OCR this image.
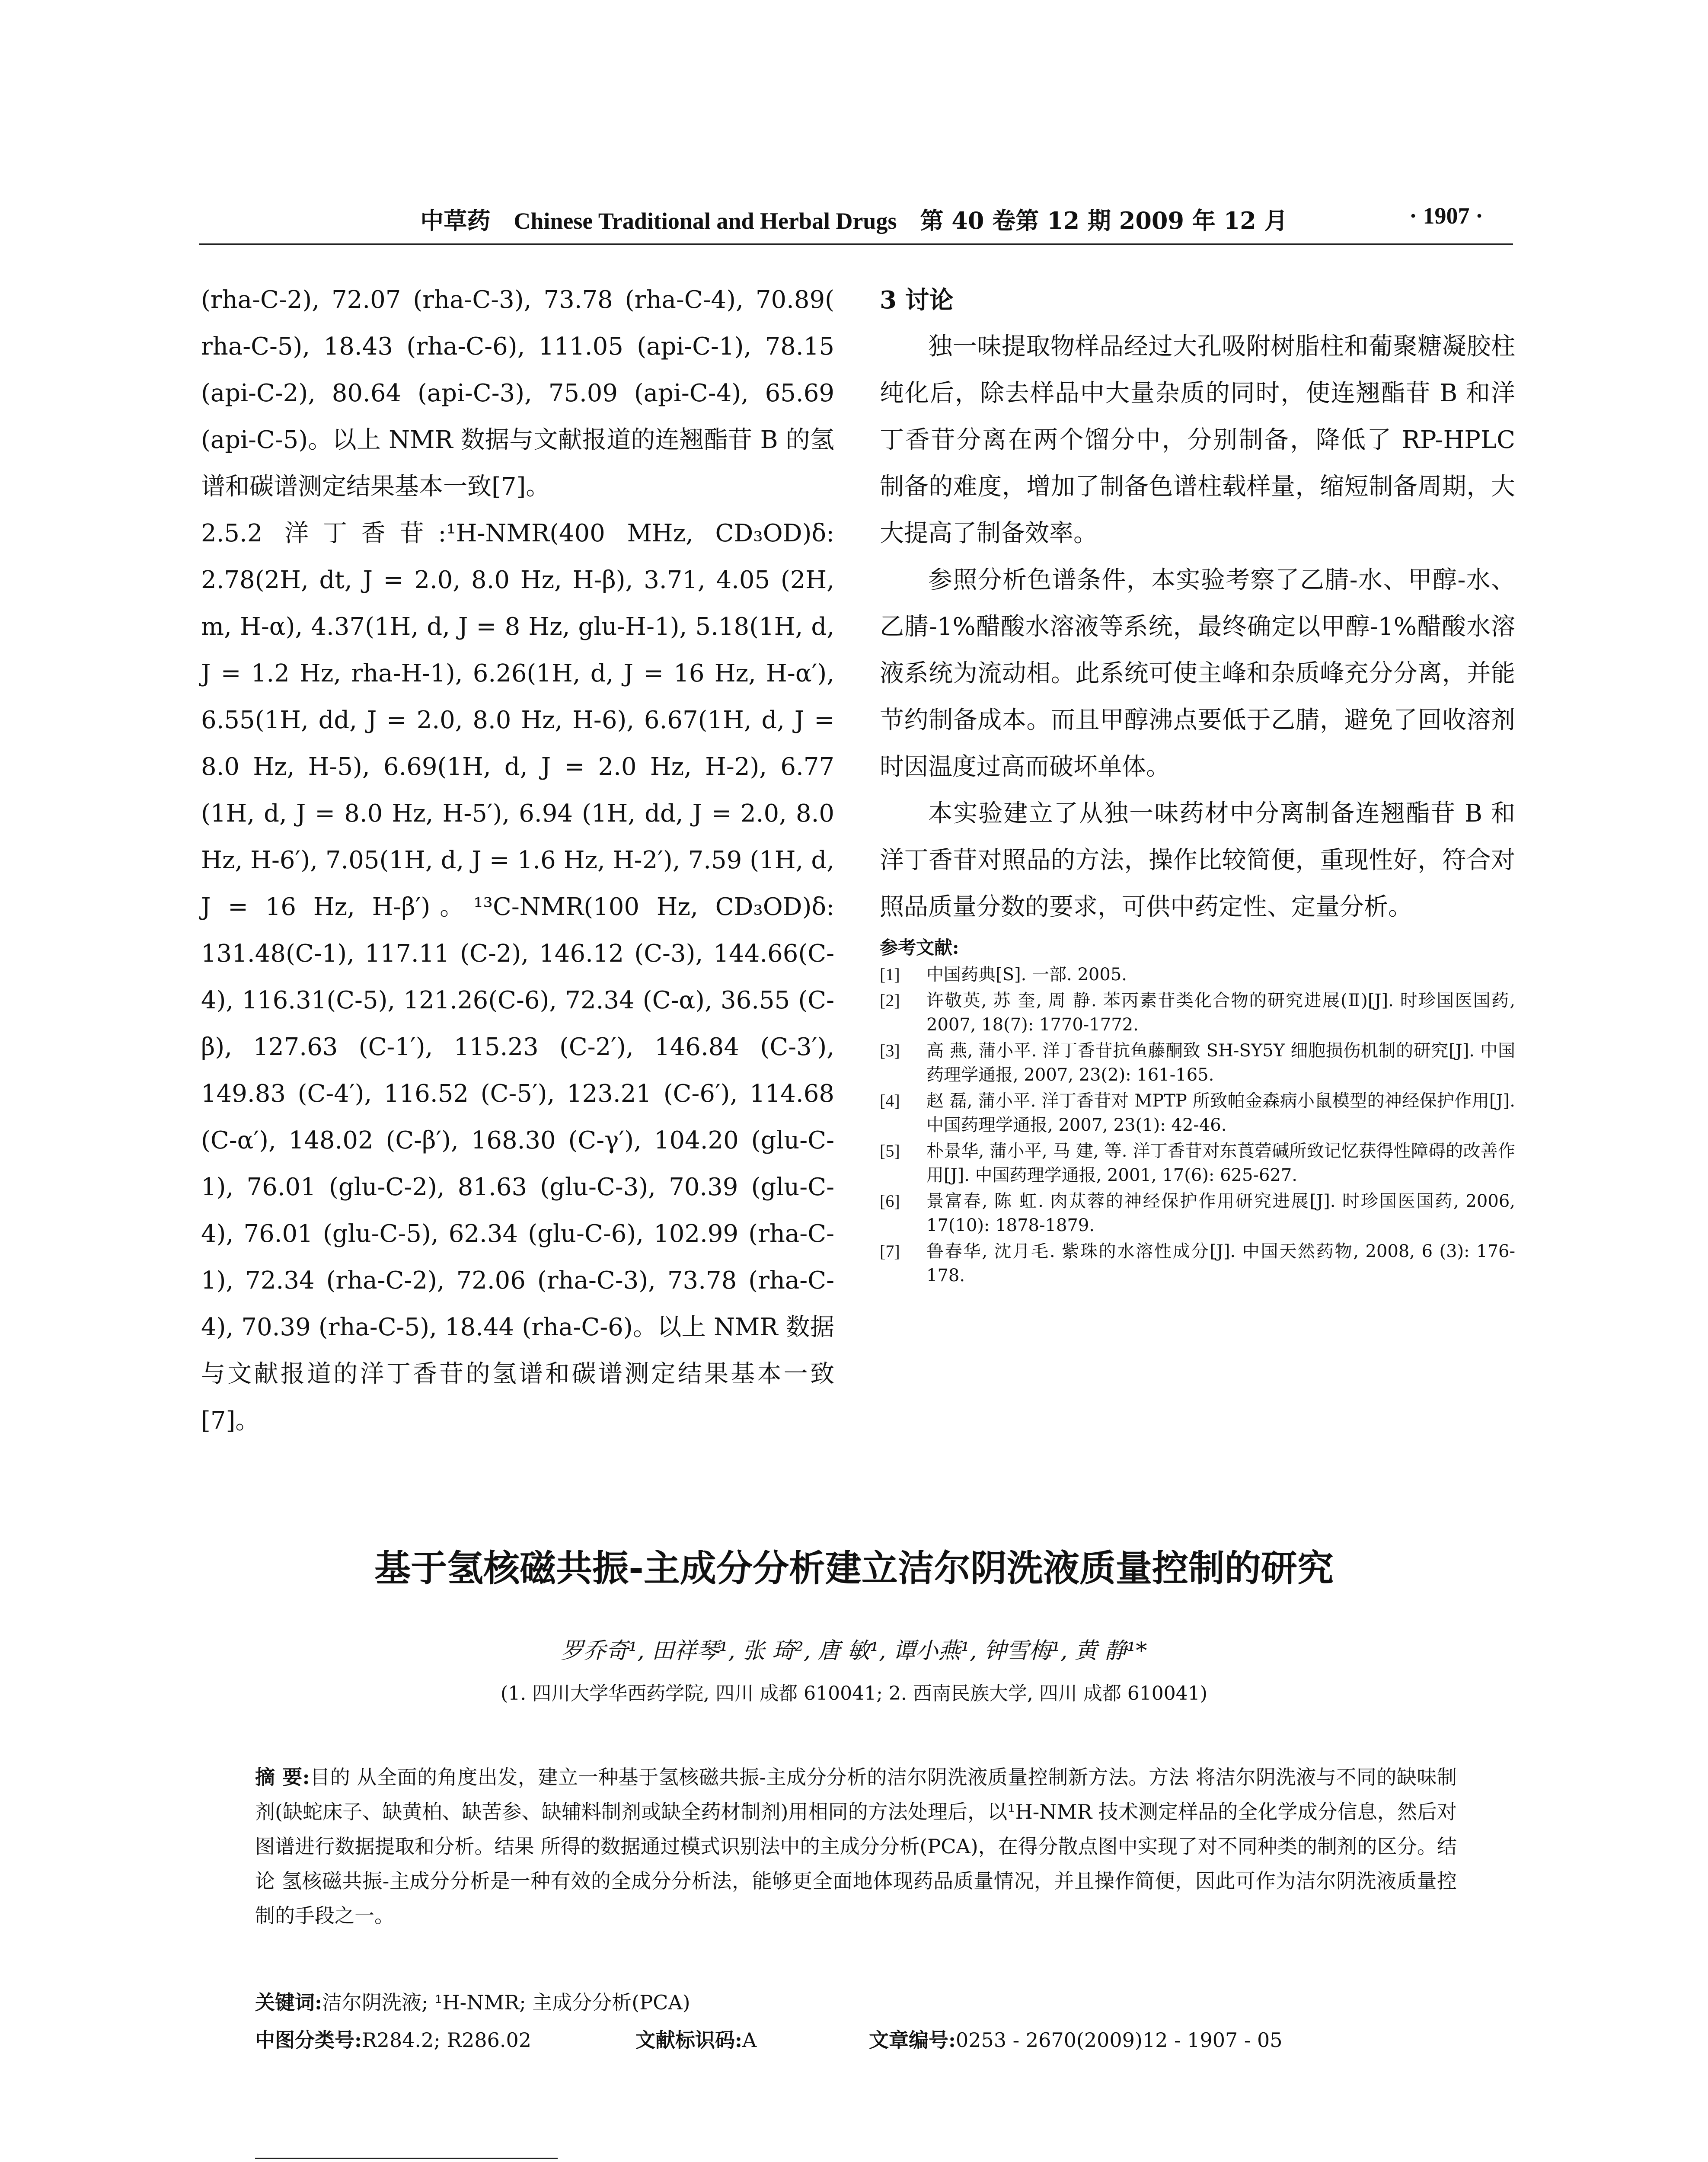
中草药 Chinese Traditional and Herbal Drugs 第 40 卷第 12 期 2009 年 12 月	· 1907 ·

(rha-C-2), 72.07 (rha-C-3), 73.78 (rha-C-4), 70.89( rha-C-5), 18.43 (rha-C-6), 111.05 (api-C-1), 78.15 (api-C-2), 80.64 (api-C-3), 75.09 (api-C-4), 65.69 (api-C-5)。以上 NMR 数据与文献报道的连翘酯苷 B 的氢谱和碳谱测定结果基本一致[7]。

2.5.2 洋丁香苷:¹H-NMR(400 MHz, CD₃OD)δ: 2.78(2H, dt, J = 2.0, 8.0 Hz, H-β), 3.71, 4.05 (2H, m, H-α), 4.37(1H, d, J = 8 Hz, glu-H-1), 5.18(1H, d, J = 1.2 Hz, rha-H-1), 6.26(1H, d, J = 16 Hz, H-α′), 6.55(1H, dd, J = 2.0, 8.0 Hz, H-6), 6.67(1H, d, J = 8.0 Hz, H-5), 6.69(1H, d, J = 2.0 Hz, H-2), 6.77 (1H, d, J = 8.0 Hz, H-5′), 6.94 (1H, dd, J = 2.0, 8.0 Hz, H-6′), 7.05(1H, d, J = 1.6 Hz, H-2′), 7.59 (1H, d, J = 16 Hz, H-β′)。¹³C-NMR(100 Hz, CD₃OD)δ: 131.48(C-1), 117.11 (C-2), 146.12 (C-3), 144.66(C-4), 116.31(C-5), 121.26(C-6), 72.34 (C-α), 36.55 (C-β), 127.63 (C-1′), 115.23 (C-2′), 146.84 (C-3′), 149.83 (C-4′), 116.52 (C-5′), 123.21 (C-6′), 114.68 (C-α′), 148.02 (C-β′), 168.30 (C-γ′), 104.20 (glu-C-1), 76.01 (glu-C-2), 81.63 (glu-C-3), 70.39 (glu-C-4), 76.01 (glu-C-5), 62.34 (glu-C-6), 102.99 (rha-C-1), 72.34 (rha-C-2), 72.06 (rha-C-3), 73.78 (rha-C-4), 70.39 (rha-C-5), 18.44 (rha-C-6)。以上 NMR 数据与文献报道的洋丁香苷的氢谱和碳谱测定结果基本一致[7]。

3 讨论

独一味提取物样品经过大孔吸附树脂柱和葡聚糖凝胶柱纯化后，除去样品中大量杂质的同时，使连翘酯苷 B 和洋丁香苷分离在两个馏分中，分别制备，降低了 RP-HPLC 制备的难度，增加了制备色谱柱载样量，缩短制备周期，大大提高了制备效率。

参照分析色谱条件，本实验考察了乙腈-水、甲醇-水、乙腈-1%醋酸水溶液等系统，最终确定以甲醇-1%醋酸水溶液系统为流动相。此系统可使主峰和杂质峰充分分离，并能节约制备成本。而且甲醇沸点要低于乙腈，避免了回收溶剂时因温度过高而破坏单体。

本实验建立了从独一味药材中分离制备连翘酯苷 B 和洋丁香苷对照品的方法，操作比较简便，重现性好，符合对照品质量分数的要求，可供中药定性、定量分析。

参考文献:
[1]	中国药典[S]. 一部. 2005.
[2]	许敬英, 苏 奎, 周 静. 苯丙素苷类化合物的研究进展(Ⅱ)[J]. 时珍国医国药, 2007, 18(7): 1770-1772.
[3]	高 燕, 蒲小平. 洋丁香苷抗鱼藤酮致 SH-SY5Y 细胞损伤机制的研究[J]. 中国药理学通报, 2007, 23(2): 161-165.
[4]	赵 磊, 蒲小平. 洋丁香苷对 MPTP 所致帕金森病小鼠模型的神经保护作用[J]. 中国药理学通报, 2007, 23(1): 42-46.
[5]	朴景华, 蒲小平, 马 建, 等. 洋丁香苷对东莨菪碱所致记忆获得性障碍的改善作用[J]. 中国药理学通报, 2001, 17(6): 625-627.
[6]	景富春, 陈 虹. 肉苁蓉的神经保护作用研究进展[J]. 时珍国医国药, 2006, 17(10): 1878-1879.
[7]	鲁春华, 沈月毛. 紫珠的水溶性成分[J]. 中国天然药物, 2008, 6 (3): 176-178.
基于氢核磁共振-主成分分析建立洁尔阴洗液质量控制的研究
罗乔奇¹, 田祥琴¹, 张 琦², 唐 敏¹, 谭小燕¹, 钟雪梅¹, 黄 静¹*
(1. 四川大学华西药学院, 四川 成都 610041; 2. 西南民族大学, 四川 成都 610041)
摘 要:目的 从全面的角度出发，建立一种基于氢核磁共振-主成分分析的洁尔阴洗液质量控制新方法。方法 将洁尔阴洗液与不同的缺味制剂(缺蛇床子、缺黄柏、缺苦参、缺辅料制剂或缺全药材制剂)用相同的方法处理后，以¹H-NMR 技术测定样品的全化学成分信息，然后对图谱进行数据提取和分析。结果 所得的数据通过模式识别法中的主成分分析(PCA)，在得分散点图中实现了对不同种类的制剂的区分。结论 氢核磁共振-主成分分析是一种有效的全成分分析法，能够更全面地体现药品质量情况，并且操作简便，因此可作为洁尔阴洗液质量控制的手段之一。
关键词:洁尔阴洗液; ¹H-NMR; 主成分分析(PCA)
中图分类号:R284.2; R286.02	文献标识码:A	文章编号:0253 - 2670(2009)12 - 1907 - 05
